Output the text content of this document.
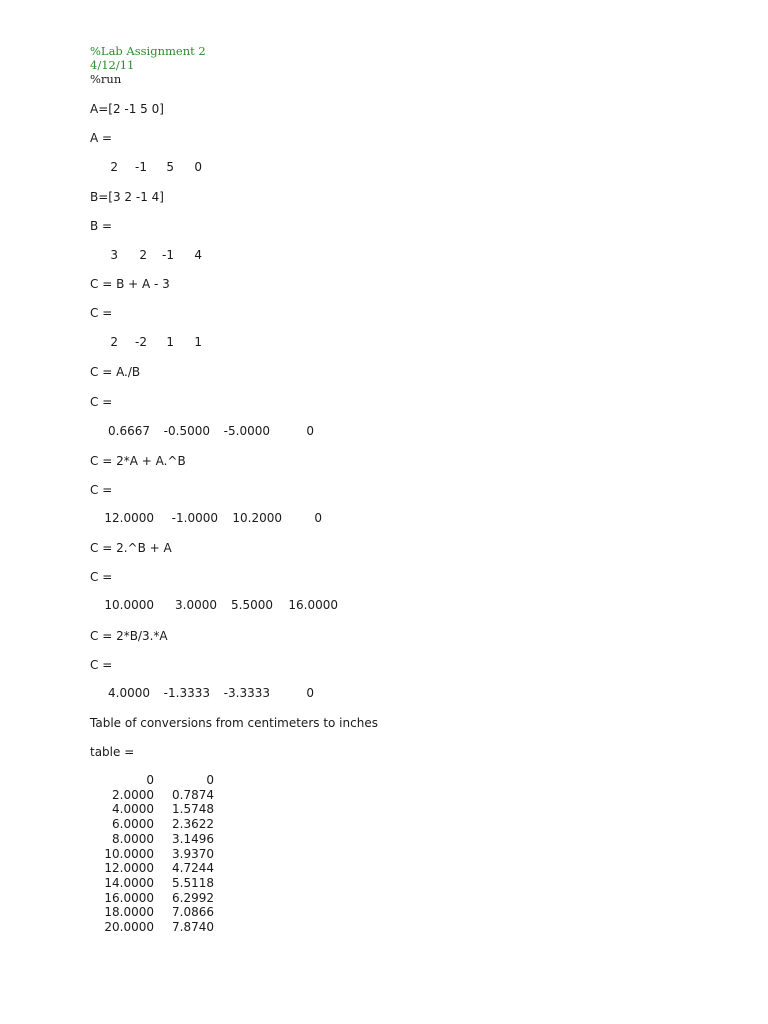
%Lab Assignment 2
4/12/11
%run
A=[2 -1 5 0]
A =
2 -1 5 0
B=[3 2 -1 4]
B =
3 2 -1 4
C = B + A - 3
C =
2 -2 1 1
C = A./B
C =
0.6667 -0.5000 -5.0000	0
C = 2*A + A.^B
C =
12.0000 -1.0000 10.2000	0
C = 2.^B + A
C =
10.0000 3.0000 5.5000 16.0000
C = 2*B/3.*A
C =
4.0000 -1.3333 -3.3333	0
Table of conversions from centimeters to inches
table =
0	0
2.0000 0.7874
4.0000 1.5748
6.0000 2.3622
8.0000 3.1496
10.0000 3.9370
12.0000 4.7244
14.0000 5.5118
16.0000 6.2992
18.0000 7.0866
20.0000 7.8740
